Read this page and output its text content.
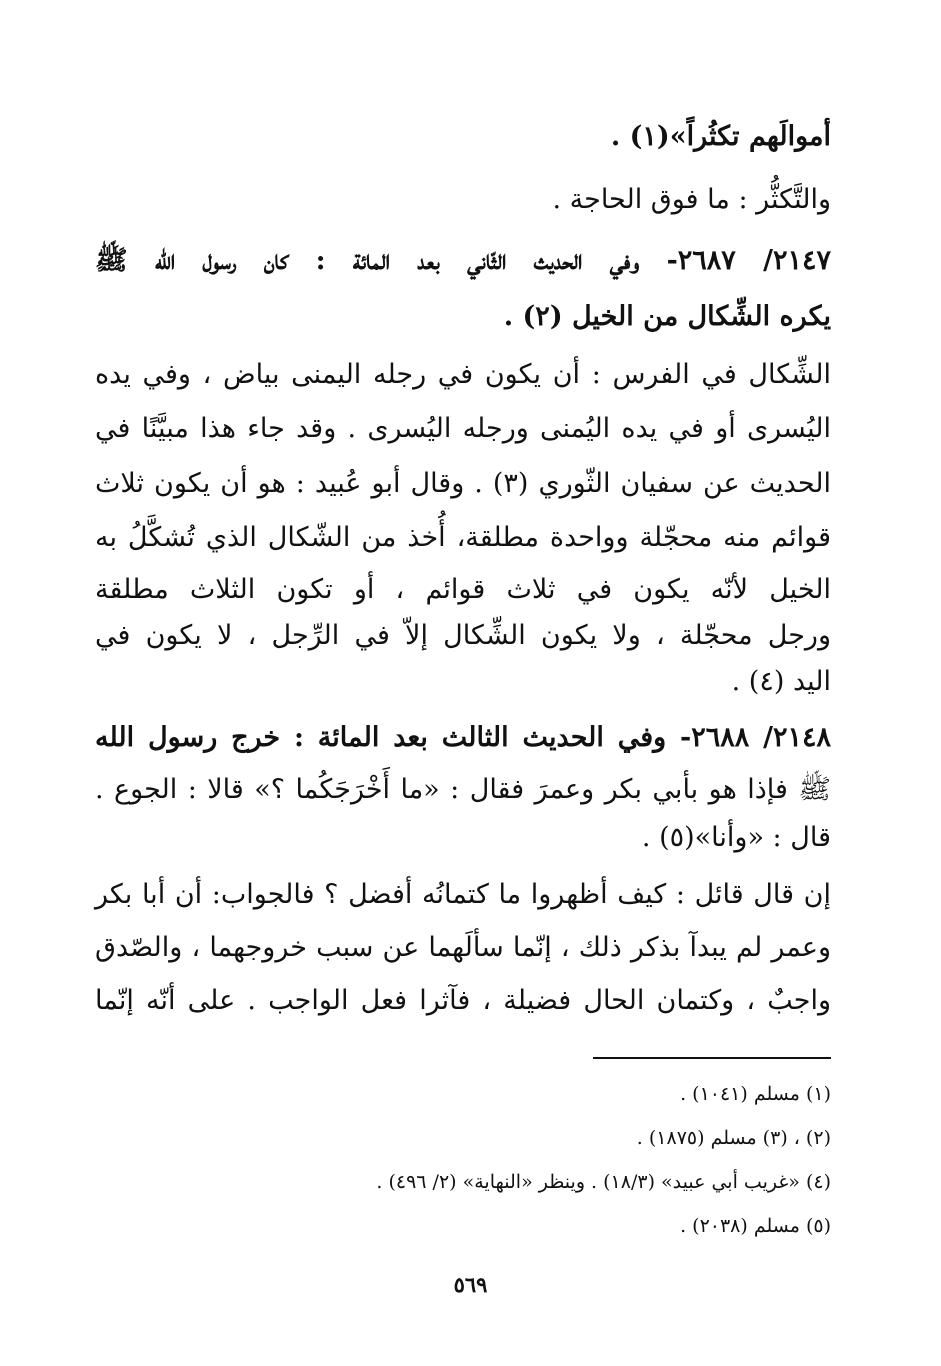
أموالَهم تكثُراً»(١) .
والتَّكثُّر : ما فوق الحاجة .
٢١٤٧/ ٢٦٨٧- وفي الحديث الثّاني بعد المائة : كان رسول الله ﷺ
يكره الشِّكال من الخيل (٢) .
الشِّكال في الفرس : أن يكون في رجله اليمنى بياض ، وفي يده
اليُسرى أو في يده اليُمنى ورجله اليُسرى . وقد جاء هذا مبيَّنًا في
الحديث عن سفيان الثّوري (٣) . وقال أبو عُبيد : هو أن يكون ثلاث
قوائم منه محجّلة وواحدة مطلقة، أُخذ من الشّكال الذي تُشكَّلُ به
الخيل لأنّه يكون في ثلاث قوائم ، أو تكون الثلاث مطلقة
ورجل محجّلة ، ولا يكون الشِّكال إلاّ في الرِّجل ، لا يكون في
اليد (٤) .
٢١٤٨/ ٢٦٨٨- وفي الحديث الثالث بعد المائة : خرج رسول الله
ﷺ فإذا هو بأبي بكر وعمرَ فقال : «ما أَخْرَجَكُما ؟» قالا : الجوع .
قال : «وأنا»(٥) .
إن قال قائل : كيف أظهروا ما كتمانُه أفضل ؟ فالجواب: أن أبا بكر
وعمر لم يبدآ بذكر ذلك ، إنّما سألَهما عن سبب خروجهما ، والصّدق
واجبٌ ، وكتمان الحال فضيلة ، فآثرا فعل الواجب . على أنّه إنّما
(١) مسلم (١٠٤١) .
(٢) ، (٣) مسلم (١٨٧٥) .
(٤) «غريب أبي عبيد» (١٨/٣) . وينظر «النهاية» (٢/ ٤٩٦) .
(٥) مسلم (٢٠٣٨) .
٥٦٩
